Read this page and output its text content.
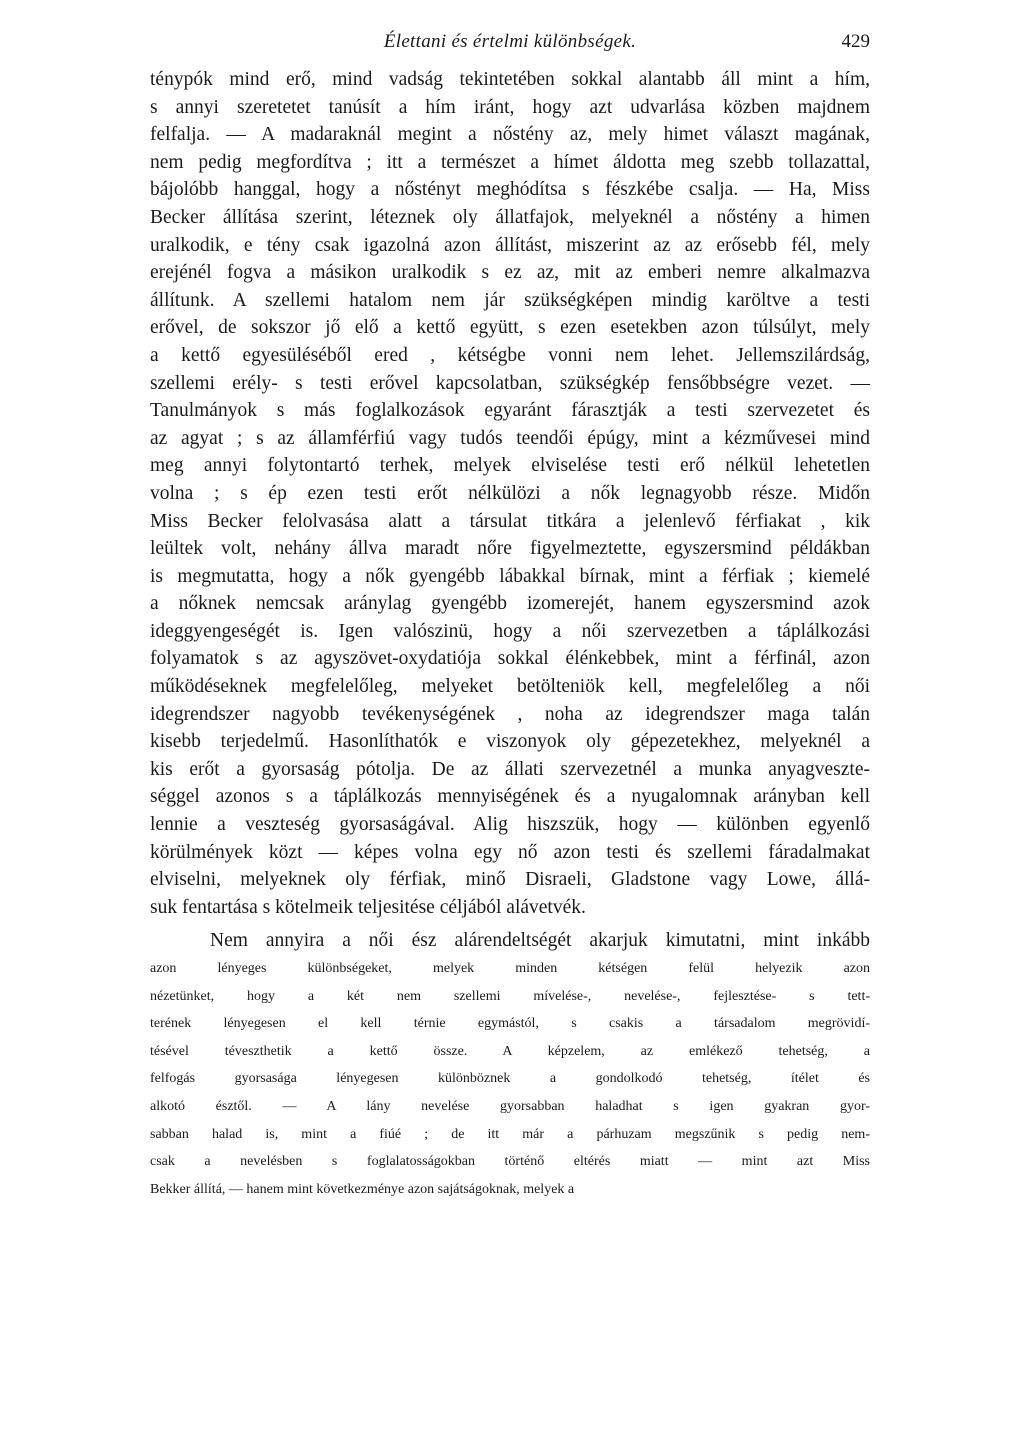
Élettani és értelmi különbségek.	429
ténypók mind erő, mind vadság tekintetében sokkal alantabb áll mint a hím,
s annyi szeretetet tanúsít a hím iránt, hogy azt udvarlása közben majdnem
felfalja. — A madaraknál megint a nőstény az, mely himet választ magának,
nem pedig megfordítva ; itt a természet a hímet áldotta meg szebb tollazattal,
bájolóbb hanggal, hogy a nőstényt meghódítsa s fészkébe csalja. — Ha, Miss
Becker állítása szerint, léteznek oly állatfajok, melyeknél a nőstény a himen
uralkodik, e tény csak igazolná azon állítást, miszerint az az erősebb fél, mely
erejénél fogva a másikon uralkodik s ez az, mit az emberi nemre alkalmazva
állítunk. A szellemi hatalom nem jár szükségképen mindig karöltve a testi
erővel, de sokszor jő elő a kettő együtt, s ezen esetekben azon túlsúlyt, mely
a kettő egyesüléséből ered , kétségbe vonni nem lehet. Jellemszilárdság,
szellemi erély- s testi erővel kapcsolatban, szükségkép fensőbbségre vezet. —
Tanulmányok s más foglalkozások egyaránt fárasztják a testi szervezetet és
az agyat ; s az államférfiú vagy tudós teendői épúgy, mint a kézművesei mind
meg annyi folytontartó terhek, melyek elviselése testi erő nélkül lehetetlen
volna ; s ép ezen testi erőt nélkülözi a nők legnagyobb része. Midőn
Miss Becker felolvasása alatt a társulat titkára a jelenlevő férfiakat , kik
leültek volt, nehány állva maradt nőre figyelmeztette, egyszersmind példákban
is megmutatta, hogy a nők gyengébb lábakkal bírnak, mint a férfiak ; kiemelé
a nőknek nemcsak aránylag gyengébb izomerejét, hanem egyszersmind azok
ideggyengeségét is. Igen valószinü, hogy a női szervezetben a táplálkozási
folyamatok s az agyszövet-oxydatiója sokkal élénkebbek, mint a férfinál, azon
működéseknek megfelelőleg, melyeket betölteniök kell, megfelelőleg a női
idegrendszer nagyobb tevékenységének , noha az idegrendszer maga talán
kisebb terjedelmű. Hasonlíthatók e viszonyok oly gépezetekhez, melyeknél a
kis erőt a gyorsaság pótolja. De az állati szervezetnél a munka anyagveszte-
séggel azonos s a táplálkozás mennyiségének és a nyugalomnak arányban kell
lennie a veszteség gyorsaságával. Alig hiszszük, hogy — különben egyenlő
körülmények közt — képes volna egy nő azon testi és szellemi fáradalmakat
elviselni, melyeknek oly férfiak, minő Disraeli, Gladstone vagy Lowe, állá-
suk fentartása s kötelmeik teljesitése céljából alávetvék.
Nem annyira a női ész alárendeltségét akarjuk kimutatni, mint inkább
azon lényeges különbségeket, melyek minden kétségen felül helyezik azon
nézetünket, hogy a két nem szellemi mívelése-, nevelése-, fejlesztése- s tett-
terének lényegesen el kell térnie egymástól, s csakis a társadalom megrövidí-
tésével téveszthetik a kettő össze. A képzelem, az emlékező tehetség, a
felfogás gyorsasága lényegesen különböznek a gondolkodó tehetség, ítélet és
alkotó észtől. — A lány nevelése gyorsabban haladhat s igen gyakran gyor-
sabban halad is, mint a fiúé ; de itt már a párhuzam megszűnik s pedig nem-
csak a nevelésben s foglalatosságokban történő eltérés miatt — mint azt Miss
Bekker állítá, — hanem mint következménye azon sajátságoknak, melyek a
